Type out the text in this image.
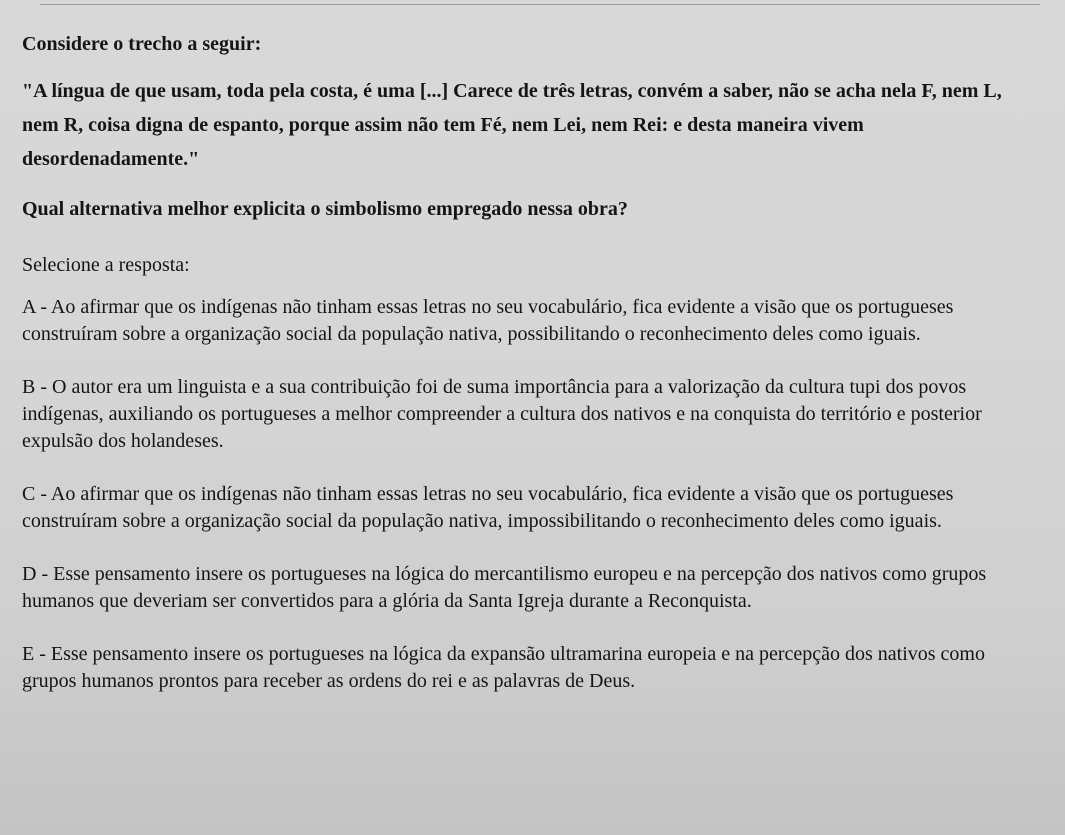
Considere o trecho a seguir:

"A língua de que usam, toda pela costa, é uma [...] Carece de três letras, convém a saber, não se acha nela F, nem L, nem R, coisa digna de espanto, porque assim não tem Fé, nem Lei, nem Rei: e desta maneira vivem desordenadamente."

Qual alternativa melhor explicita o simbolismo empregado nessa obra?

Selecione a resposta:

A - Ao afirmar que os indígenas não tinham essas letras no seu vocabulário, fica evidente a visão que os portugueses construíram sobre a organização social da população nativa, possibilitando o reconhecimento deles como iguais.
B - O autor era um linguista e a sua contribuição foi de suma importância para a valorização da cultura tupi dos povos indígenas, auxiliando os portugueses a melhor compreender a cultura dos nativos e na conquista do território e posterior expulsão dos holandeses.
C - Ao afirmar que os indígenas não tinham essas letras no seu vocabulário, fica evidente a visão que os portugueses construíram sobre a organização social da população nativa, impossibilitando o reconhecimento deles como iguais.
D - Esse pensamento insere os portugueses na lógica do mercantilismo europeu e na percepção dos nativos como grupos humanos que deveriam ser convertidos para a glória da Santa Igreja durante a Reconquista.
E - Esse pensamento insere os portugueses na lógica da expansão ultramarina europeia e na percepção dos nativos como grupos humanos prontos para receber as ordens do rei e as palavras de Deus.
